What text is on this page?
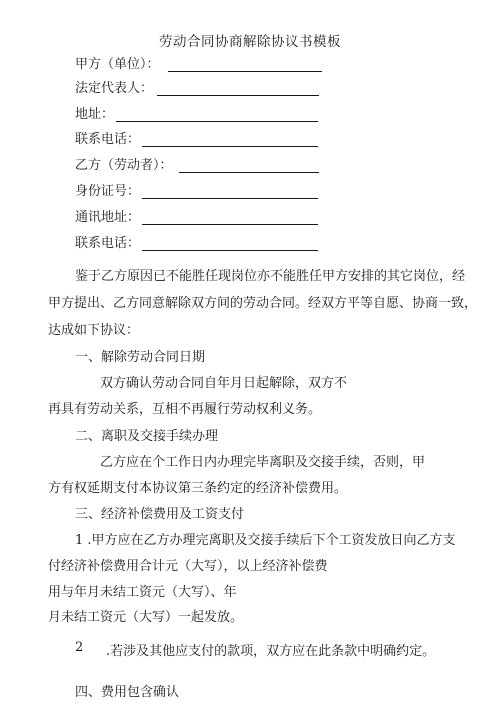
劳动合同协商解除协议书模板
甲方（单位）：
法定代表人：
地址：
联系电话：
乙方（劳动者）：
身份证号：
通讯地址：
联系电话：
鉴于乙方原因已不能胜任现岗位亦不能胜任甲方安排的其它岗位，经
甲方提出、乙方同意解除双方间的劳动合同。经双方平等自愿、协商一致，
达成如下协议：
一、解除劳动合同日期
双方确认劳动合同自年月日起解除，双方不
再具有劳动关系，互相不再履行劳动权利义务。
二、离职及交接手续办理
乙方应在个工作日内办理完毕离职及交接手续，否则，甲
方有权延期支付本协议第三条约定的经济补偿费用。
三、经济补偿费用及工资支付
1 .甲方应在乙方办理完离职及交接手续后下个工资发放日向乙方支
付经济补偿费用合计元（大写），以上经济补偿费
用与年月未结工资元（大写）、年
月未结工资元（大写）一起发放。
2 .若涉及其他应支付的款项，双方应在此条款中明确约定。
四、费用包含确认
